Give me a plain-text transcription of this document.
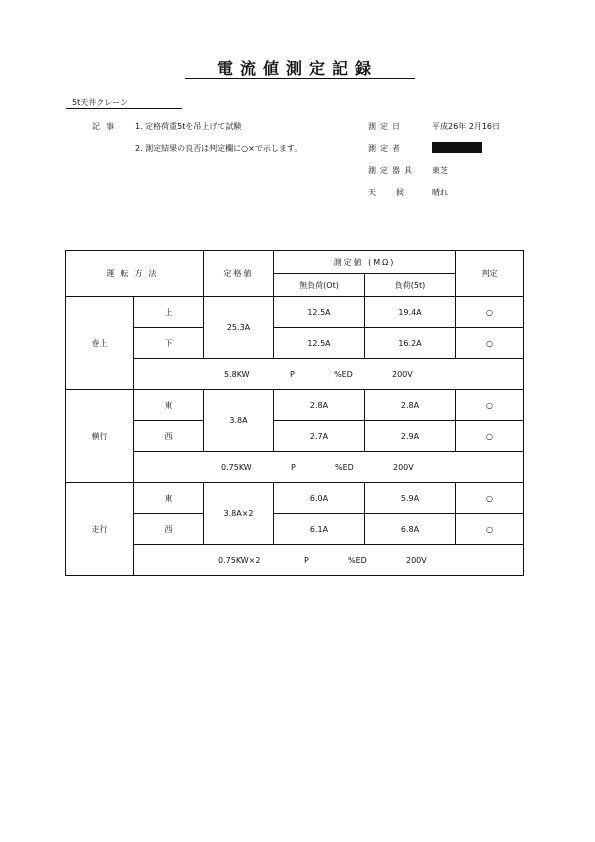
電流値測定記録
5t天井クレーン
記事 1. 定格荷重5tを吊上げて試験
2. 測定結果の良否は判定欄に○×で示します。
測定日	平成26年 2月16日
測定者
測定器具 東芝
天候 晴れ
運転方法		定格値	測定値 (MΩ)		判定
			無負荷(Ot)	負荷(5t)	
巻上	上	25.3A	12.5A	19.4A	○
	下		12.5A	16.2A	○
	5.8KW P %ED 200V				
横行	東	3.8A	2.8A	2.8A	○
	西		2.7A	2.9A	○
	0.75KW P %ED 200V				
走行	東	3.8A×2	6.0A	5.9A	○
	西		6.1A	6.8A	○
	0.75KW×2 P %ED 200V				
